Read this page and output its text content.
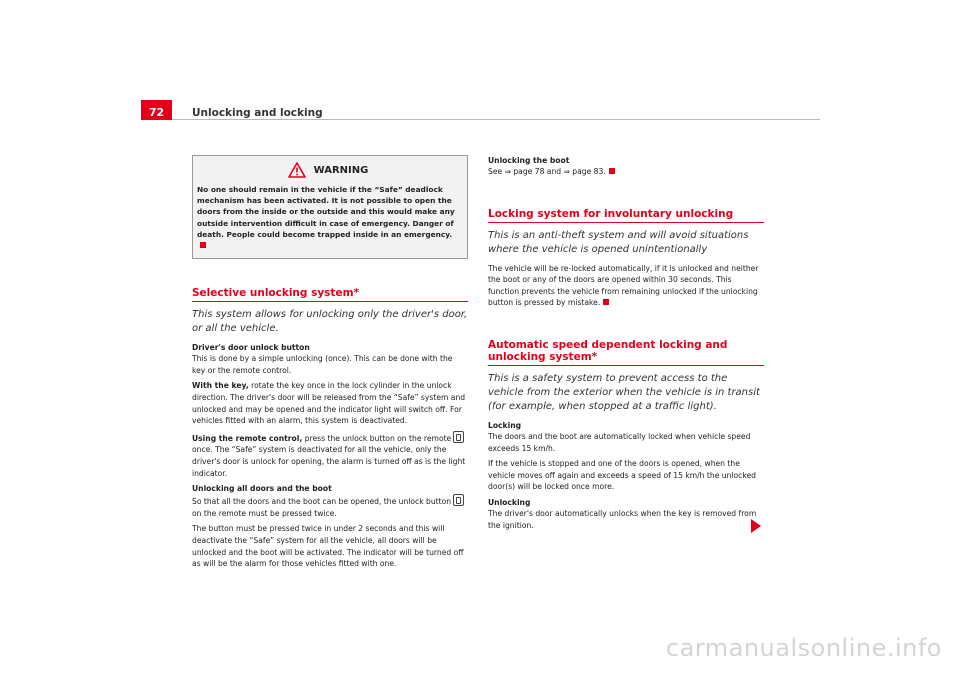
72	Unlocking and locking
WARNING
No one should remain in the vehicle if the “Safe” deadlock mechanism has been activated. It is not possible to open the doors from the inside or the outside and this would make any outside intervention difficult in case of emergency. Danger of death. People could become trapped inside in an emergency.
Selective unlocking system*
This system allows for unlocking only the driver's door, or all the vehicle.
Driver's door unlock button

This is done by a simple unlocking (once). This can be done with the key or the remote control.

With the key, rotate the key once in the lock cylinder in the unlock direction. The driver's door will be released from the “Safe” system and unlocked and may be opened and the indicator light will switch off. For vehicles fitted with an alarm, this system is deactivated.

Using the remote control, press the unlock button on the remoteonce. The “Safe” system is deactivated for all the vehicle, only the driver's door is unlock for opening, the alarm is turned off as is the light indicator.

Unlocking all doors and the boot

So that all the doors and the boot can be opened, the unlock buttonon the remote must be pressed twice.

The button must be pressed twice in under 2 seconds and this will deactivate the “Safe” system for all the vehicle, all doors will be unlocked and the boot will be activated. The indicator will be turned off as will be the alarm for those vehicles fitted with one.

Unlocking the boot

See ⇒ page 78 and ⇒ page 83.

Locking system for involuntary unlocking
This is an anti-theft system and will avoid situations where the vehicle is opened unintentionally

The vehicle will be re-locked automatically, if it is unlocked and neither the boot or any of the doors are opened within 30 seconds. This function prevents the vehicle from remaining unlocked if the unlocking button is pressed by mistake.

Automatic speed dependent locking and unlocking system*
This is a safety system to prevent access to the vehicle from the exterior when the vehicle is in transit (for example, when stopped at a traffic light).
Locking

The doors and the boot are automatically locked when vehicle speed exceeds 15 km/h.

If the vehicle is stopped and one of the doors is opened, when the vehicle moves off again and exceeds a speed of 15 km/h the unlocked door(s) will be locked once more.

Unlocking

The driver's door automatically unlocks when the key is removed from the ignition.

carmanualsonline.info
